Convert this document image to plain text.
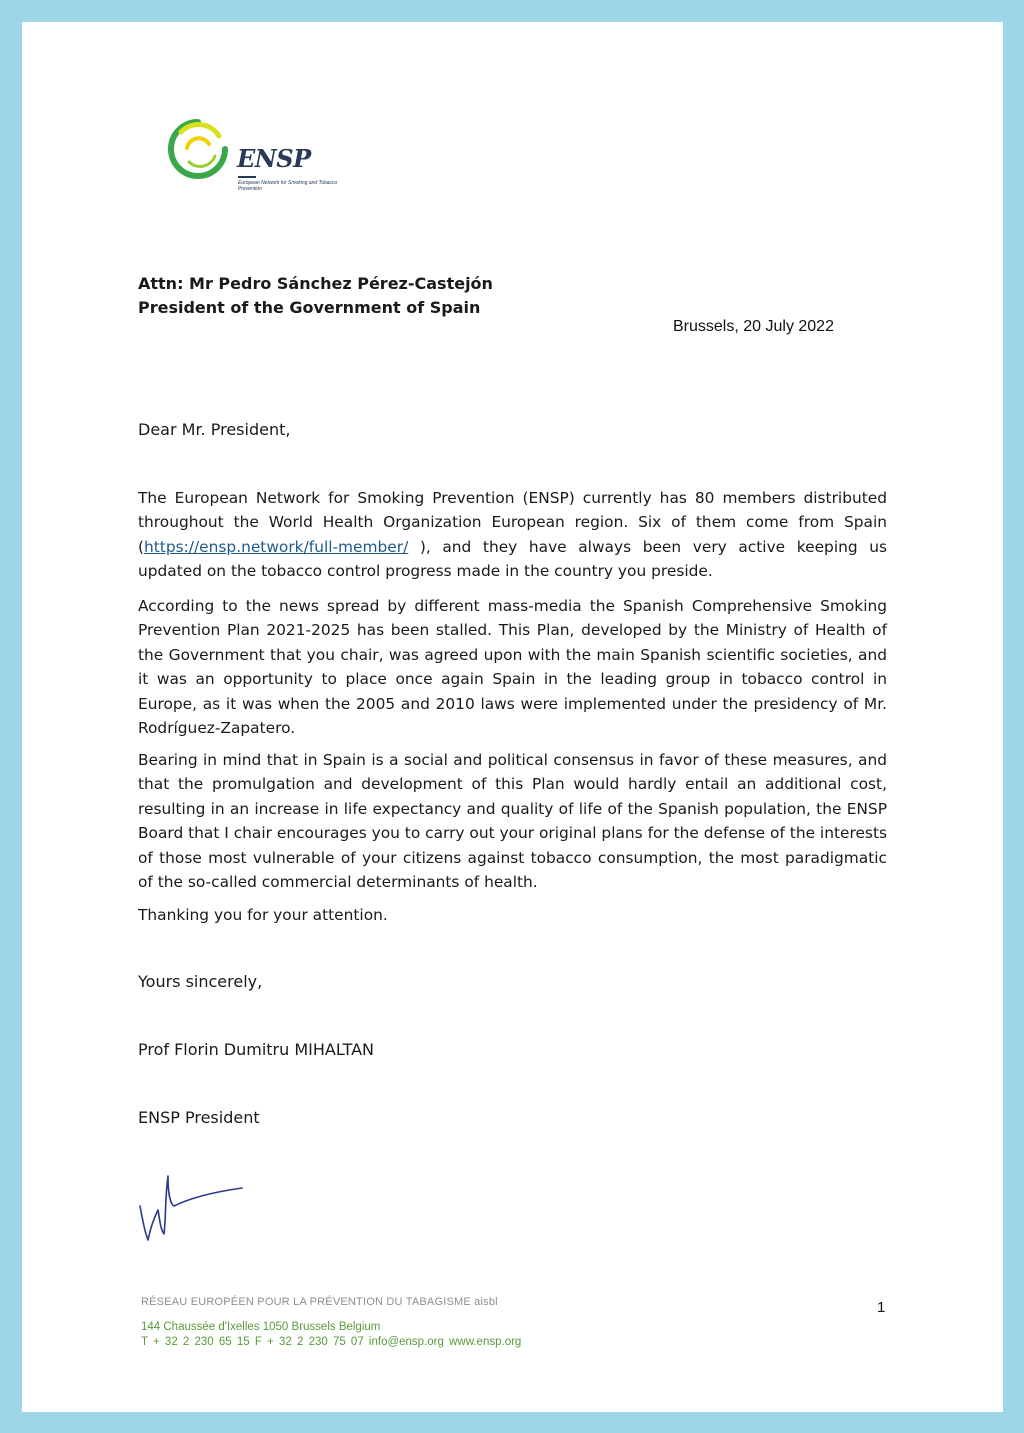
ENSP
European Network for Smoking and Tobacco Prevention
Attn: Mr Pedro Sánchez Pérez-Castejón
President of the Government of Spain
Brussels, 20 July 2022
Dear Mr. President,
The European Network for Smoking Prevention (ENSP) currently has 80 members distributed throughout the World Health Organization European region. Six of them come from Spain (https://ensp.network/full-member/ ), and they have always been very active keeping us updated on the tobacco control progress made in the country you preside.
According to the news spread by different mass-media the Spanish Comprehensive Smoking Prevention Plan 2021-2025 has been stalled. This Plan, developed by the Ministry of Health of the Government that you chair, was agreed upon with the main Spanish scientific societies, and it was an opportunity to place once again Spain in the leading group in tobacco control in Europe, as it was when the 2005 and 2010 laws were implemented under the presidency of Mr. Rodríguez-Zapatero.
Bearing in mind that in Spain is a social and political consensus in favor of these measures, and that the promulgation and development of this Plan would hardly entail an additional cost, resulting in an increase in life expectancy and quality of life of the Spanish population, the ENSP Board that I chair encourages you to carry out your original plans for the defense of the interests of those most vulnerable of your citizens against tobacco consumption, the most paradigmatic of the so-called commercial determinants of health.
Thanking you for your attention.
Yours sincerely,
Prof Florin Dumitru MIHALTAN
ENSP President
RÉSEAU EUROPÉEN POUR LA PRÉVENTION DU TABAGISME aisbl
144 Chaussée d'Ixelles 1050 Brussels Belgium
T + 32 2 230 65 15 F + 32 2 230 75 07 info@ensp.org www.ensp.org
1
